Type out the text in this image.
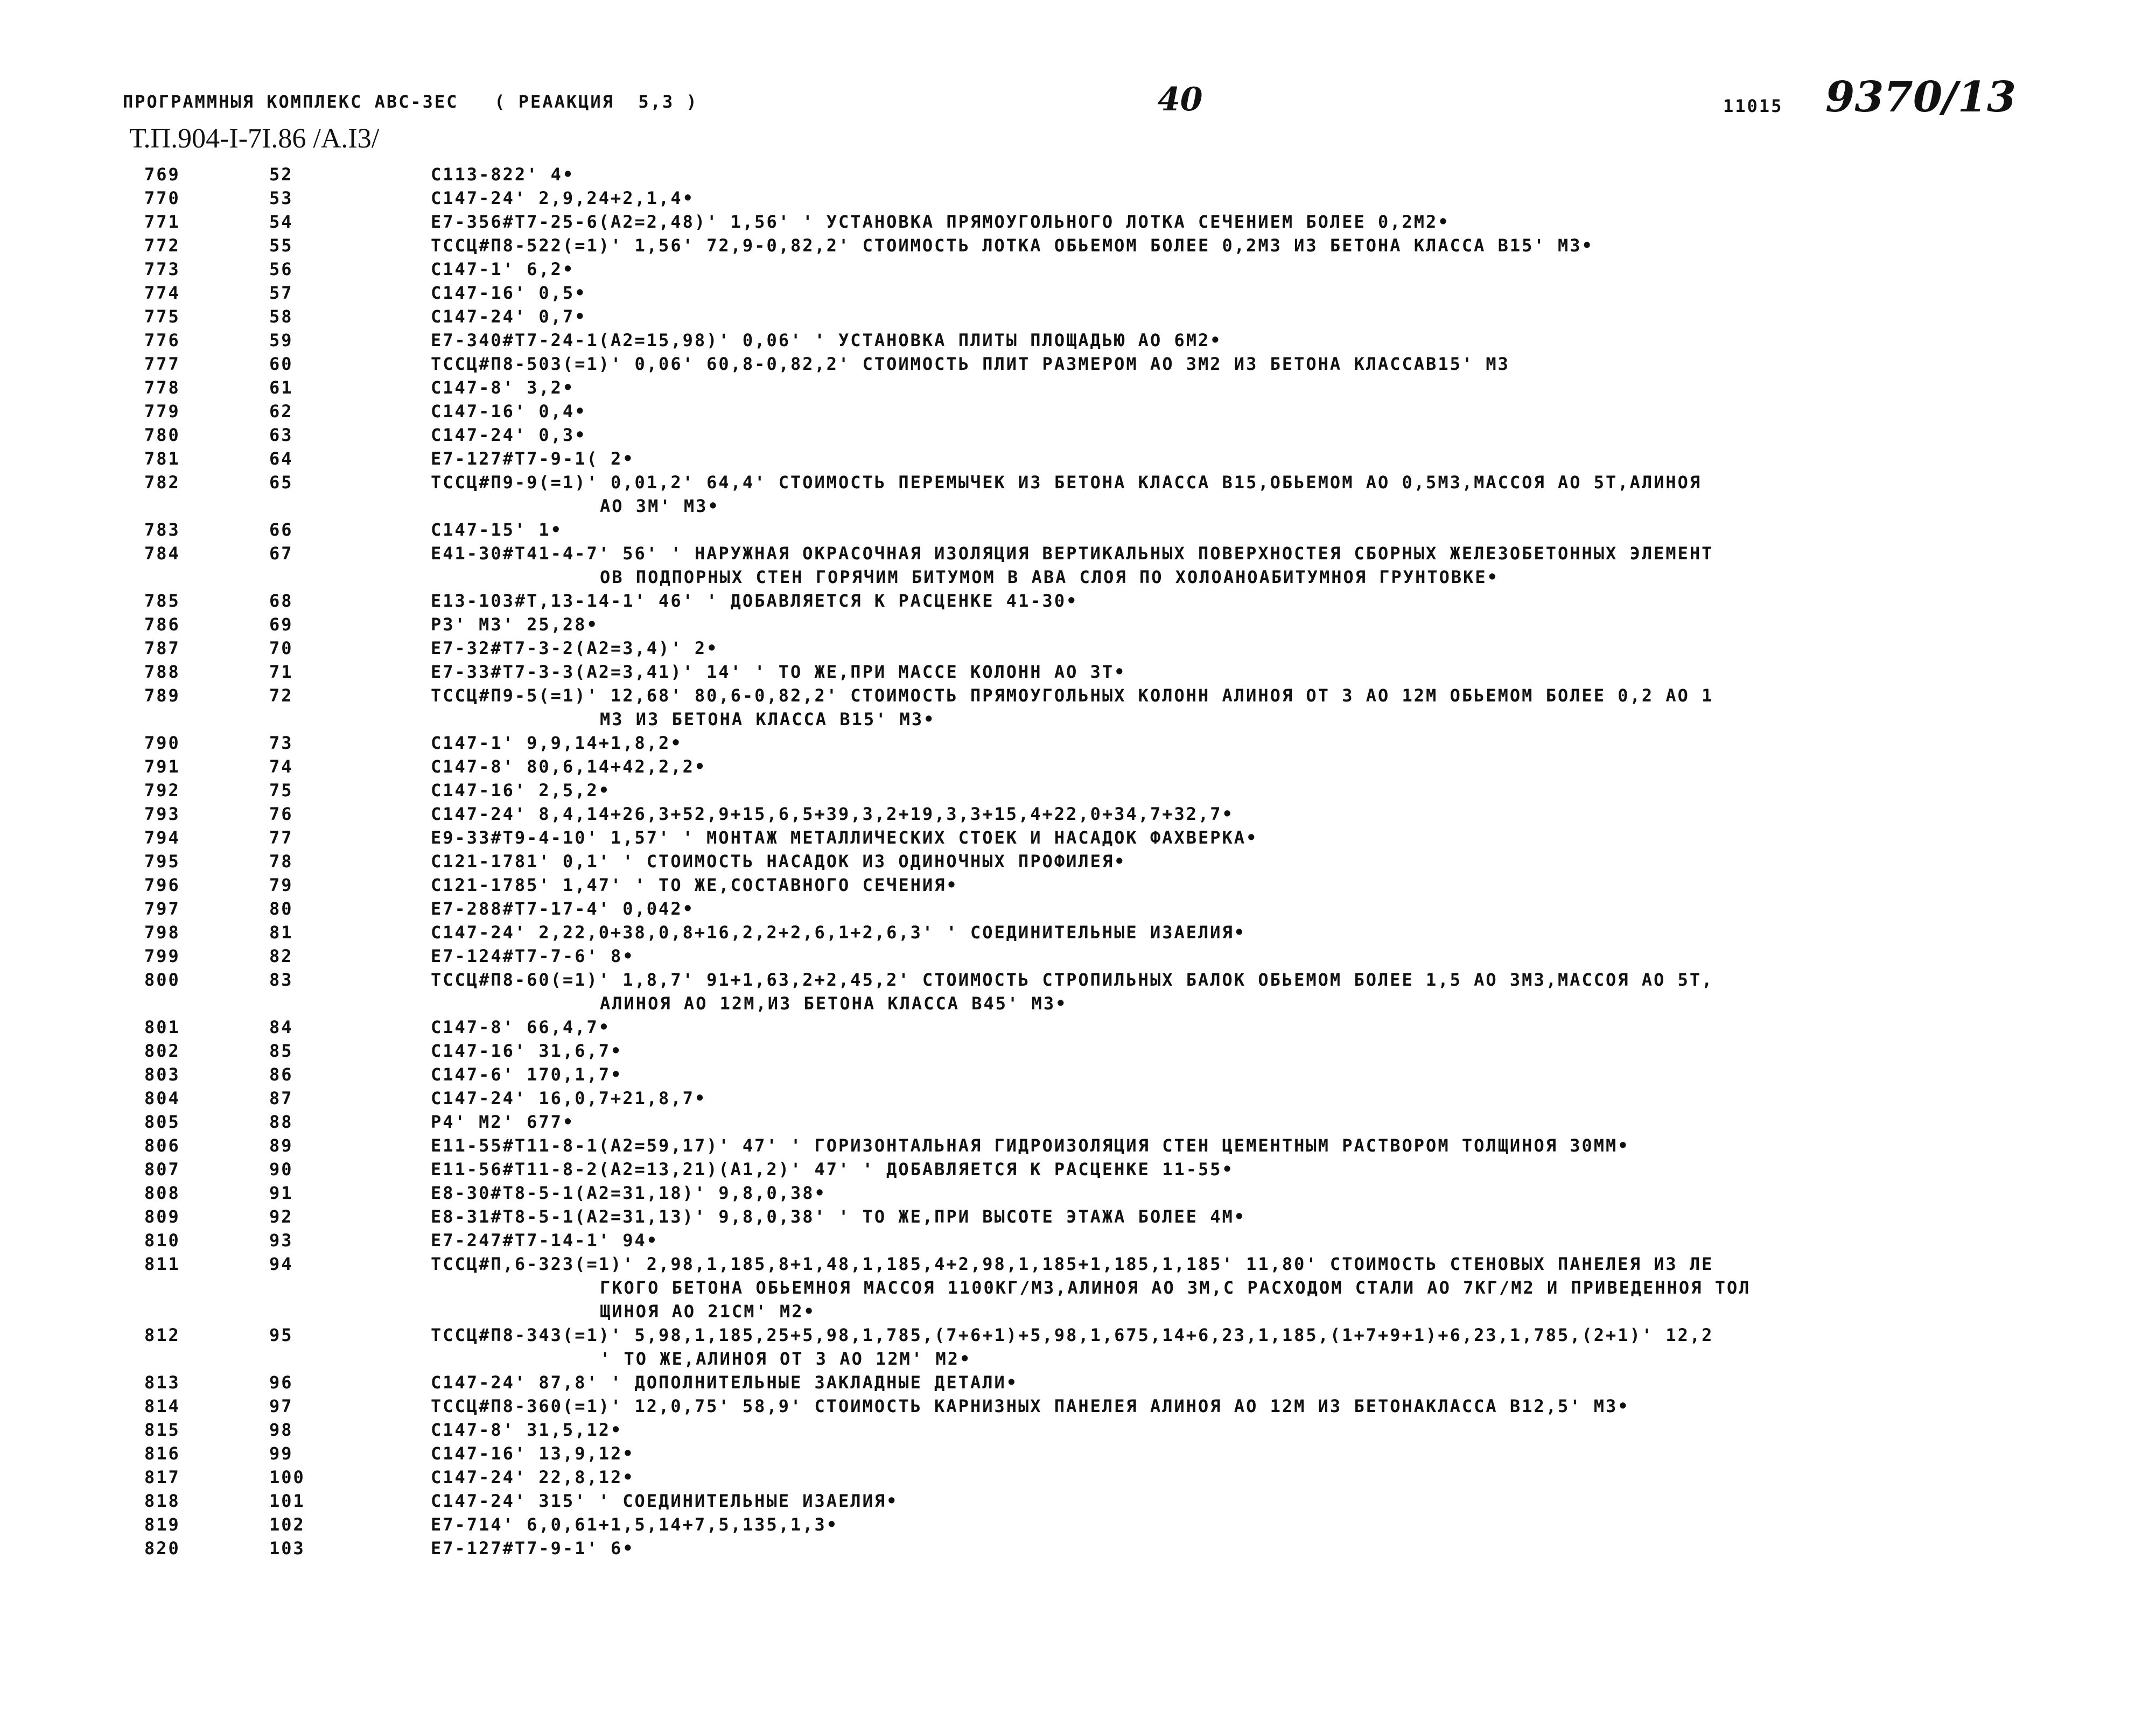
ПРОГРАММНЫЯ КОМПЛЕКС АВС-ЗЕС   ( РЕААКЦИЯ  5,3 )	40	11015 9370/13
Т.П.904-I-7I.86 /А.I3/
769	52	С113-822' 4•
770	53	С147-24' 2,9,24+2,1,4•
771	54	Е7-356#Т7-25-6(А2=2,48)' 1,56' ' УСТАНОВКА ПРЯМОУГОЛЬНОГО ЛОТКА СЕЧЕНИЕМ БОЛЕЕ 0,2М2•
772	55	ТССЦ#П8-522(=1)' 1,56' 72,9-0,82,2' СТОИМОСТЬ ЛОТКА ОБЬЕМОМ БОЛЕЕ 0,2М3 ИЗ БЕТОНА КЛАССА В15' М3•
773	56	С147-1' 6,2•
774	57	С147-16' 0,5•
775	58	С147-24' 0,7•
776	59	Е7-340#Т7-24-1(А2=15,98)' 0,06' ' УСТАНОВКА ПЛИТЫ ПЛОЩАДЬЮ АО 6М2•
777	60	ТССЦ#П8-503(=1)' 0,06' 60,8-0,82,2' СТОИМОСТЬ ПЛИТ РАЗМЕРОМ АО 3М2 ИЗ БЕТОНА КЛАССАВ15' М3
778	61	С147-8' 3,2•
779	62	С147-16' 0,4•
780	63	С147-24' 0,3•
781	64	Е7-127#Т7-9-1( 2•
782	65	ТССЦ#П9-9(=1)' 0,01,2' 64,4' СТОИМОСТЬ ПЕРЕМЫЧЕК ИЗ БЕТОНА КЛАССА В15,ОБЬЕМОМ АО 0,5М3,МАССОЯ АО 5Т,АЛИНОЯ
АО 3М' М3•
783	66	С147-15' 1•
784	67	Е41-30#Т41-4-7' 56' ' НАРУЖНАЯ ОКРАСОЧНАЯ ИЗОЛЯЦИЯ ВЕРТИКАЛЬНЫХ ПОВЕРХНОСТЕЯ СБОРНЫХ ЖЕЛЕЗОБЕТОННЫХ ЭЛЕМЕНТ
ОВ ПОДПОРНЫХ СТЕН ГОРЯЧИМ БИТУМОМ В АВА СЛОЯ ПО ХОЛОАНОАБИТУМНОЯ ГРУНТОВКЕ•
785	68	Е13-103#Т,13-14-1' 46' ' ДОБАВЛЯЕТСЯ К РАСЦЕНКЕ 41-30•
786	69	Р3' М3' 25,28•
787	70	Е7-32#Т7-3-2(А2=3,4)' 2•
788	71	Е7-33#Т7-3-3(А2=3,41)' 14' ' ТО ЖЕ,ПРИ МАССЕ КОЛОНН АО 3Т•
789	72	ТССЦ#П9-5(=1)' 12,68' 80,6-0,82,2' СТОИМОСТЬ ПРЯМОУГОЛЬНЫХ КОЛОНН АЛИНОЯ ОТ 3 АО 12М ОБЬЕМОМ БОЛЕЕ 0,2 АО 1
М3 ИЗ БЕТОНА КЛАССА В15' М3•
790	73	С147-1' 9,9,14+1,8,2•
791	74	С147-8' 80,6,14+42,2,2•
792	75	С147-16' 2,5,2•
793	76	С147-24' 8,4,14+26,3+52,9+15,6,5+39,3,2+19,3,3+15,4+22,0+34,7+32,7•
794	77	Е9-33#Т9-4-10' 1,57' ' МОНТАЖ МЕТАЛЛИЧЕСКИХ СТОЕК И НАСАДОК ФАХВЕРКА•
795	78	С121-1781' 0,1' ' СТОИМОСТЬ НАСАДОК ИЗ ОДИНОЧНЫХ ПРОФИЛЕЯ•
796	79	С121-1785' 1,47' ' ТО ЖЕ,СОСТАВНОГО СЕЧЕНИЯ•
797	80	Е7-288#Т7-17-4' 0,042•
798	81	С147-24' 2,22,0+38,0,8+16,2,2+2,6,1+2,6,3' ' СОЕДИНИТЕЛЬНЫЕ ИЗАЕЛИЯ•
799	82	Е7-124#Т7-7-6' 8•
800	83	ТССЦ#П8-60(=1)' 1,8,7' 91+1,63,2+2,45,2' СТОИМОСТЬ СТРОПИЛЬНЫХ БАЛОК ОБЬЕМОМ БОЛЕЕ 1,5 АО 3М3,МАССОЯ АО 5Т,
АЛИНОЯ АО 12М,ИЗ БЕТОНА КЛАССА В45' М3•
801	84	С147-8' 66,4,7•
802	85	С147-16' 31,6,7•
803	86	С147-6' 170,1,7•
804	87	С147-24' 16,0,7+21,8,7•
805	88	Р4' М2' 677•
806	89	Е11-55#Т11-8-1(А2=59,17)' 47' ' ГОРИЗОНТАЛЬНАЯ ГИДРОИЗОЛЯЦИЯ СТЕН ЦЕМЕНТНЫМ РАСТВОРОМ ТОЛЩИНОЯ 30ММ•
807	90	Е11-56#Т11-8-2(А2=13,21)(А1,2)' 47' ' ДОБАВЛЯЕТСЯ К РАСЦЕНКЕ 11-55•
808	91	Е8-30#Т8-5-1(А2=31,18)' 9,8,0,38•
809	92	Е8-31#Т8-5-1(А2=31,13)' 9,8,0,38' ' ТО ЖЕ,ПРИ ВЫСОТЕ ЭТАЖА БОЛЕЕ 4М•
810	93	Е7-247#Т7-14-1' 94•
811	94	ТССЦ#П,6-323(=1)' 2,98,1,185,8+1,48,1,185,4+2,98,1,185+1,185,1,185' 11,80' СТОИМОСТЬ СТЕНОВЫХ ПАНЕЛЕЯ ИЗ ЛЕ
ГКОГО БЕТОНА ОБЬЕМНОЯ МАССОЯ 1100КГ/М3,АЛИНОЯ АО 3М,С РАСХОДОМ СТАЛИ АО 7КГ/М2 И ПРИВЕДЕННОЯ ТОЛ
ЩИНОЯ АО 21СМ' М2•
812	95	ТССЦ#П8-343(=1)' 5,98,1,185,25+5,98,1,785,(7+6+1)+5,98,1,675,14+6,23,1,185,(1+7+9+1)+6,23,1,785,(2+1)' 12,2
' ТО ЖЕ,АЛИНОЯ ОТ 3 АО 12М' М2•
813	96	С147-24' 87,8' ' ДОПОЛНИТЕЛЬНЫЕ ЗАКЛАДНЫЕ ДЕТАЛИ•
814	97	ТССЦ#П8-360(=1)' 12,0,75' 58,9' СТОИМОСТЬ КАРНИЗНЫХ ПАНЕЛЕЯ АЛИНОЯ АО 12М ИЗ БЕТОНАКЛАССА В12,5' М3•
815	98	С147-8' 31,5,12•
816	99	С147-16' 13,9,12•
817	100	С147-24' 22,8,12•
818	101	С147-24' 315' ' СОЕДИНИТЕЛЬНЫЕ ИЗАЕЛИЯ•
819	102	Е7-714' 6,0,61+1,5,14+7,5,135,1,3•
820	103	Е7-127#Т7-9-1' 6•
